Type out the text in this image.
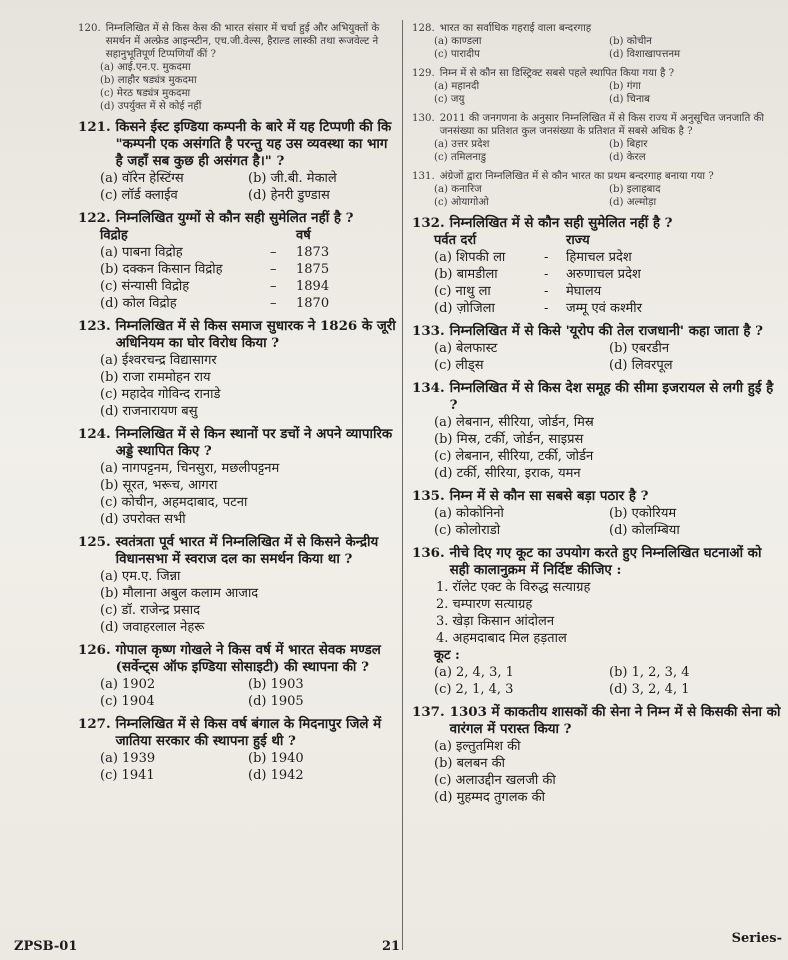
120. निम्नलिखित में से किस केस की भारत संसार में चर्चा हुई और अभियुक्तों के समर्थन में अल्फ्रेड आइन्स्टीन, एच.जी.वेल्स, हैराल्ड लास्की तथा रूजवेल्ट ने सहानुभूतिपूर्ण टिप्पणियाँ कीं ?
(a) आई.एन.ए. मुकदमा
(b) लाहौर षड्यंत्र मुकदमा
(c) मेरठ षड्यंत्र मुकदमा
(d) उपर्युक्त में से कोई नहीं
121. किसने ईस्ट इण्डिया कम्पनी के बारे में यह टिप्पणी की कि "कम्पनी एक असंगति है परन्तु यह उस व्यवस्था का भाग है जहाँ सब कुछ ही असंगत है।" ?
(a) वॉरेन हेस्टिंग्स	(b) जी.बी. मेकाले
(c) लॉर्ड क्लाईव	(d) हेनरी डुण्डास
122. निम्नलिखित युग्मों से कौन सही सुमेलित नहीं है ?
विद्रोह	वर्ष
(a) पाबना विद्रोह	–	1873
(b) दक्कन किसान विद्रोह	–	1875
(c) संन्यासी विद्रोह	–	1894
(d) कोल विद्रोह	–	1870
123. निम्नलिखित में से किस समाज सुधारक ने 1826 के जूरी अधिनियम का घोर विरोध किया ?
(a) ईश्वरचन्द्र विद्यासागर
(b) राजा राममोहन राय
(c) महादेव गोविन्द रानाडे
(d) राजनारायण बसु
124. निम्नलिखित में से किन स्थानों पर डचों ने अपने व्यापारिक अड्डे स्थापित किए ?
(a) नागपट्टनम, चिनसुरा, मछलीपट्टनम
(b) सूरत, भरूच, आगरा
(c) कोचीन, अहमदाबाद, पटना
(d) उपरोक्त सभी
125. स्वतंत्रता पूर्व भारत में निम्नलिखित में से किसने केन्द्रीय विधानसभा में स्वराज दल का समर्थन किया था ?
(a) एम.ए. जिन्ना
(b) मौलाना अबुल कलाम आजाद
(c) डॉ. राजेन्द्र प्रसाद
(d) जवाहरलाल नेहरू
126. गोपाल कृष्ण गोखले ने किस वर्ष में भारत सेवक मण्डल (सर्वेन्ट्स ऑफ इण्डिया सोसाइटी) की स्थापना की ?
(a) 1902	(b) 1903
(c) 1904	(d) 1905
127. निम्नलिखित में से किस वर्ष बंगाल के मिदनापुर जिले में जातिया सरकार की स्थापना हुई थी ?
(a) 1939	(b) 1940
(c) 1941	(d) 1942
128. भारत का सर्वाधिक गहराई वाला बन्दरगाह
(a) काण्डला	(b) कोचीन
(c) पारादीप	(d) विशाखापत्तनम
129. निम्न में से कौन सा डिस्ट्रिक्ट सबसे पहले स्थापित किया गया है ?
(a) महानदी	(b) गंगा
(c) जयु	(d) चिनाब
130. 2011 की जनगणना के अनुसार निम्नलिखित में से किस राज्य में अनुसूचित जनजाति की जनसंख्या का प्रतिशत कुल जनसंख्या के प्रतिशत में सबसे अधिक है ?
(a) उत्तर प्रदेश	(b) बिहार
(c) तमिलनाडु	(d) केरल
131. अंग्रेजों द्वारा निम्नलिखित में से कौन भारत का प्रथम बन्दरगाह बनाया गया ?
(a) कनारिज	(b) इलाहबाद
(c) ओयागोओ	(d) अल्मोड़ा
132. निम्नलिखित में से कौन सही सुमेलित नहीं है ?
पर्वत दर्रा	राज्य
(a) शिपकी ला	-	हिमाचल प्रदेश
(b) बामडीला	-	अरुणाचल प्रदेश
(c) नाथु ला	-	मेघालय
(d) ज़ोजिला	-	जम्मू एवं कश्मीर
133. निम्नलिखित में से किसे 'यूरोप की तेल राजधानी' कहा जाता है ?
(a) बेलफास्ट	(b) एबरडीन
(c) लीड्स	(d) लिवरपूल
134. निम्नलिखित में से किस देश समूह की सीमा इजरायल से लगी हुई है ?
(a) लेबनान, सीरिया, जोर्डन, मिस्र
(b) मिस्र, टर्की, जोर्डन, साइप्रस
(c) लेबनान, सीरिया, टर्की, जोर्डन
(d) टर्की, सीरिया, इराक, यमन
135. निम्न में से कौन सा सबसे बड़ा पठार है ?
(a) कोकोनिनो	(b) एकोरियम
(c) कोलोराडो	(d) कोलम्बिया
136. नीचे दिए गए कूट का उपयोग करते हुए निम्नलिखित घटनाओं को सही कालानुक्रम में निर्दिष्ट कीजिए :
1. रॉलेट एक्ट के विरुद्ध सत्याग्रह
2. चम्पारण सत्याग्रह
3. खेड़ा किसान आंदोलन
4. अहमदाबाद मिल हड़ताल
कूट :
(a) 2, 4, 3, 1	(b) 1, 2, 3, 4
(c) 2, 1, 4, 3	(d) 3, 2, 4, 1
137. 1303 में काकतीय शासकों की सेना ने निम्न में से किसकी सेना को वारंगल में परास्त किया ?
(a) इल्तुतमिश की
(b) बलबन की
(c) अलाउद्दीन खलजी की
(d) मुहम्मद तुगलक की
ZPSB-01	21
Series-
